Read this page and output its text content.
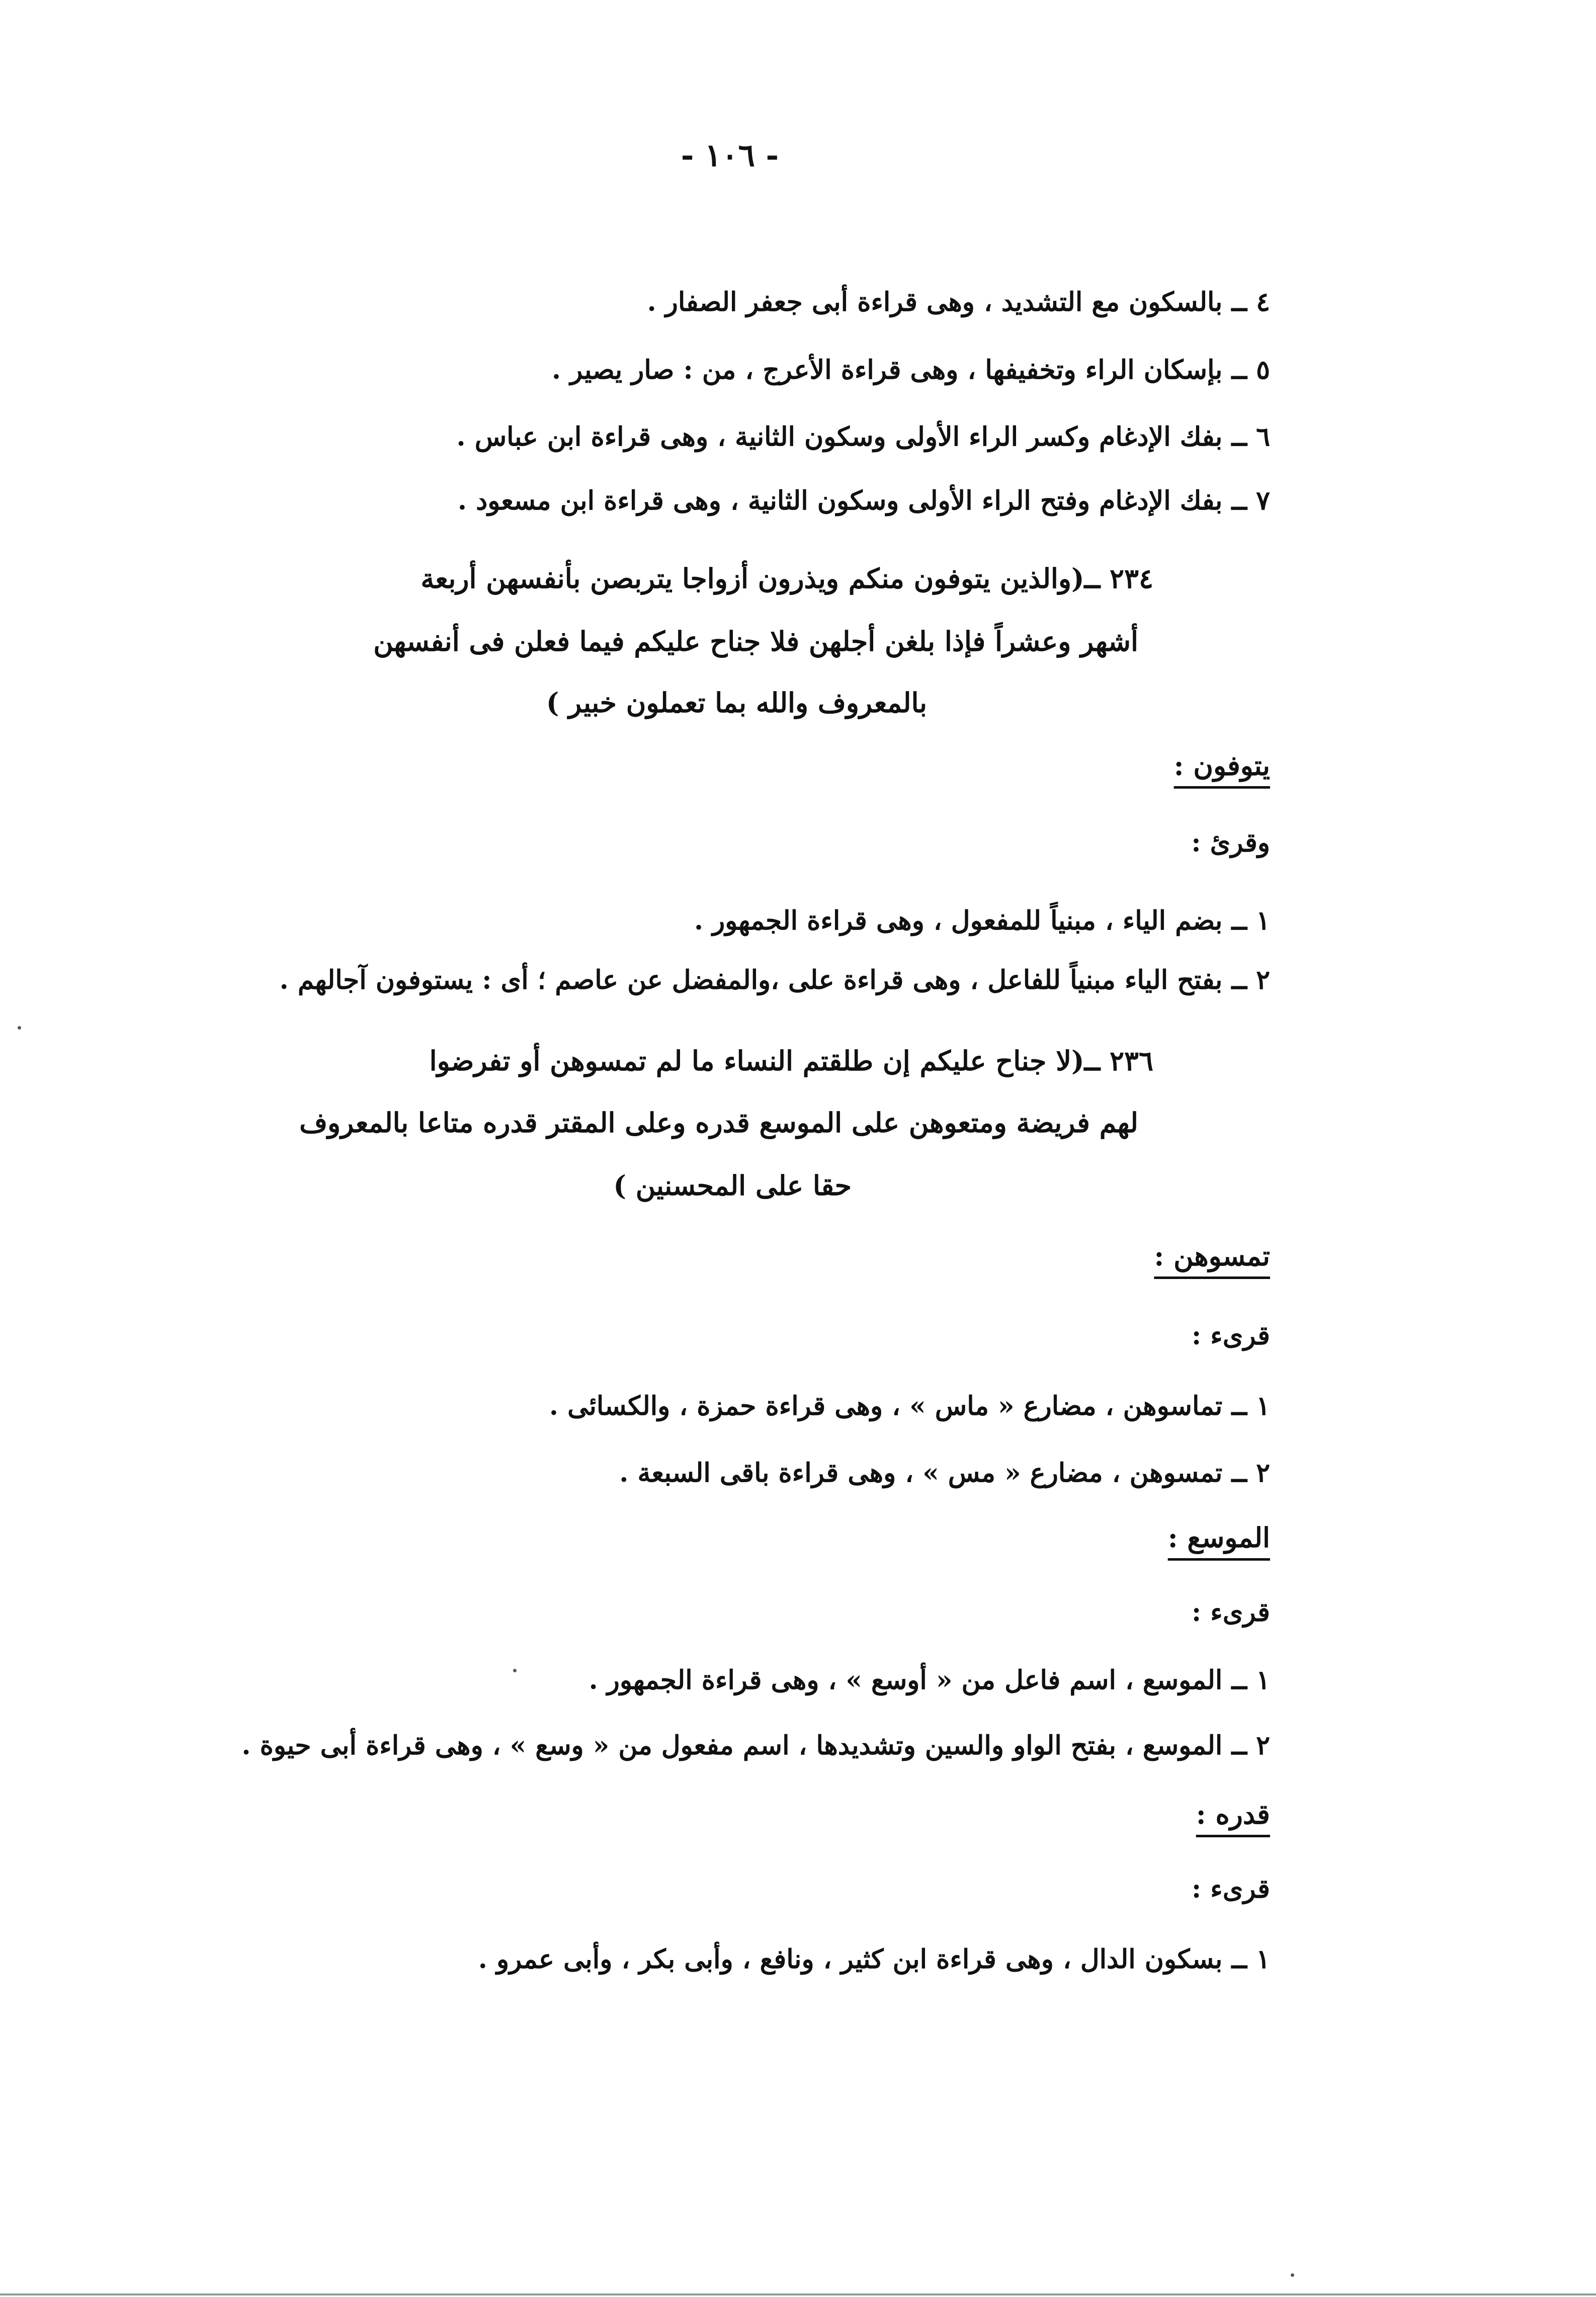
- ١٠٦ -
٤ ــ بالسكون مع التشديد ، وهى قراءة أبى جعفر الصفار .
٥ ــ بإسكان الراء وتخفيفها ، وهى قراءة الأعرج ، من : صار يصير .
٦ ــ بفك الإدغام وكسر الراء الأولى وسكون الثانية ، وهى قراءة ابن عباس .
٧ ــ بفك الإدغام وفتح الراء الأولى وسكون الثانية ، وهى قراءة ابن مسعود .
٢٣٤ ــ(والذين يتوفون منكم ويذرون أزواجا يتربصن بأنفسهن أربعة
أشهر وعشراً فإذا بلغن أجلهن فلا جناح عليكم فيما فعلن فى أنفسهن
بالمعروف والله بما تعملون خبير )
يتوفون :
وقرئ :
١ ــ بضم الياء ، مبنياً للمفعول ، وهى قراءة الجمهور .
٢ ــ بفتح الياء مبنياً للفاعل ، وهى قراءة على ،والمفضل عن عاصم ؛ أى : يستوفون آجالهم .
٢٣٦ ــ(لا جناح عليكم إن طلقتم النساء ما لم تمسوهن أو تفرضوا
لهم فريضة ومتعوهن على الموسع قدره وعلى المقتر قدره متاعا بالمعروف
حقا على المحسنين )
تمسوهن :
قرىء :
١ ــ تماسوهن ، مضارع « ماس » ، وهى قراءة حمزة ، والكسائى .
٢ ــ تمسوهن ، مضارع « مس » ، وهى قراءة باقى السبعة .
الموسع :
قرىء :
١ ــ الموسع ، اسم فاعل من « أوسع » ، وهى قراءة الجمهور .
٢ ــ الموسع ، بفتح الواو والسين وتشديدها ، اسم مفعول من « وسع » ، وهى قراءة أبى حيوة .
قدره :
قرىء :
١ ــ بسكون الدال ، وهى قراءة ابن كثير ، ونافع ، وأبى بكر ، وأبى عمرو .
